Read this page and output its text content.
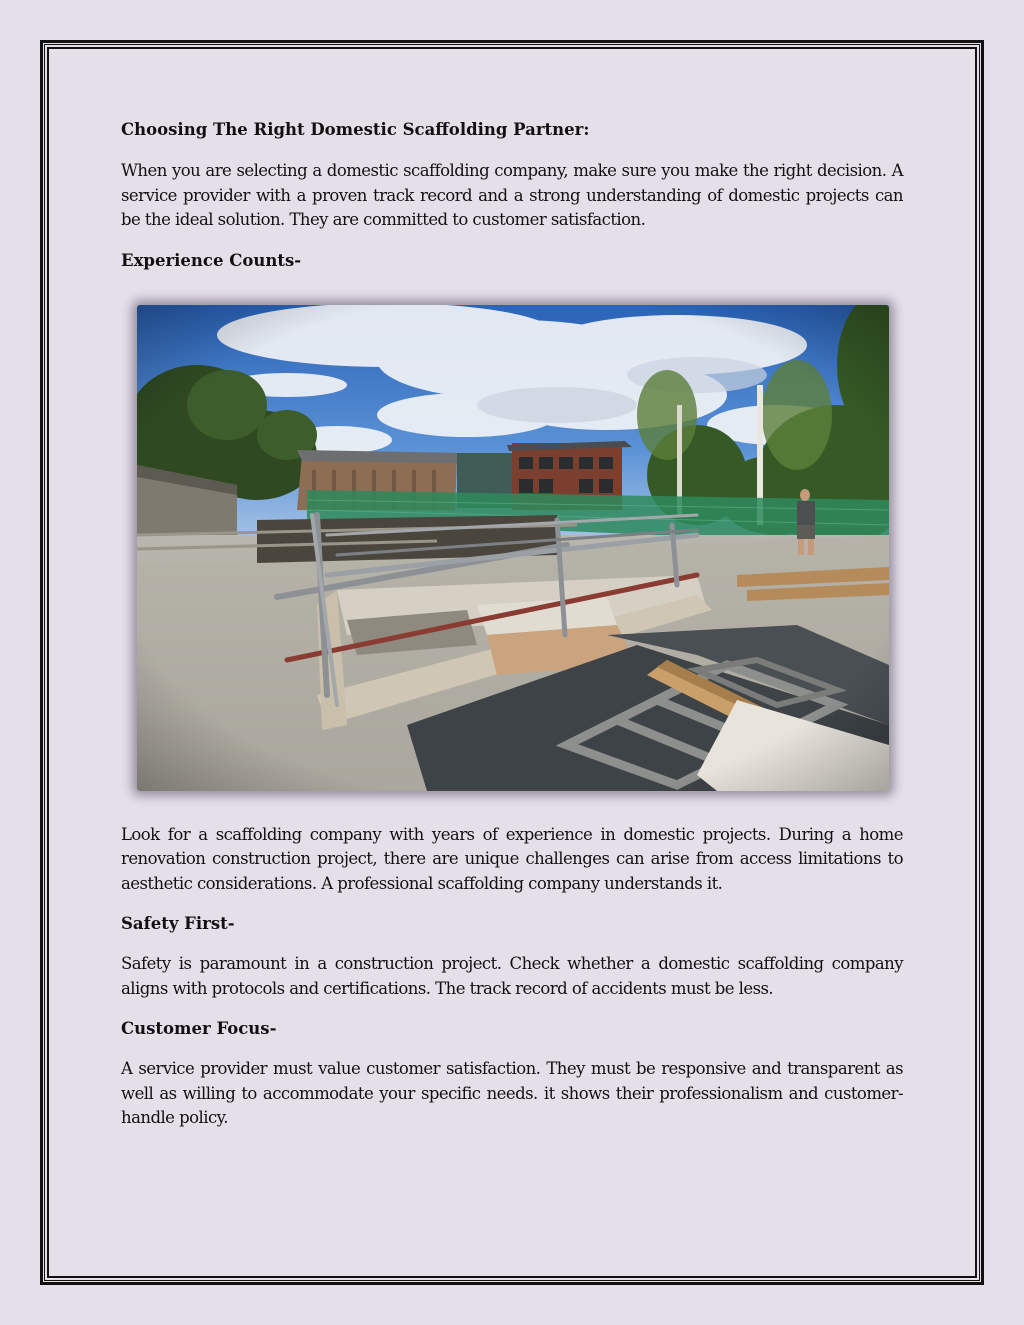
Choosing The Right Domestic Scaffolding Partner:

When you are selecting a domestic scaffolding company, make sure you make the right decision. A service provider with a proven track record and a strong understanding of domestic projects can be the ideal solution. They are committed to customer satisfaction.

Experience Counts-

Look for a scaffolding company with years of experience in domestic projects. During a home renovation construction project, there are unique challenges can arise from access limitations to aesthetic considerations. A professional scaffolding company understands it.

Safety First-

Safety is paramount in a construction project. Check whether a domestic scaffolding company aligns with protocols and certifications. The track record of accidents must be less.

Customer Focus-

A service provider must value customer satisfaction. They must be responsive and transparent as well as willing to accommodate your specific needs. it shows their professionalism and customer-handle policy.
